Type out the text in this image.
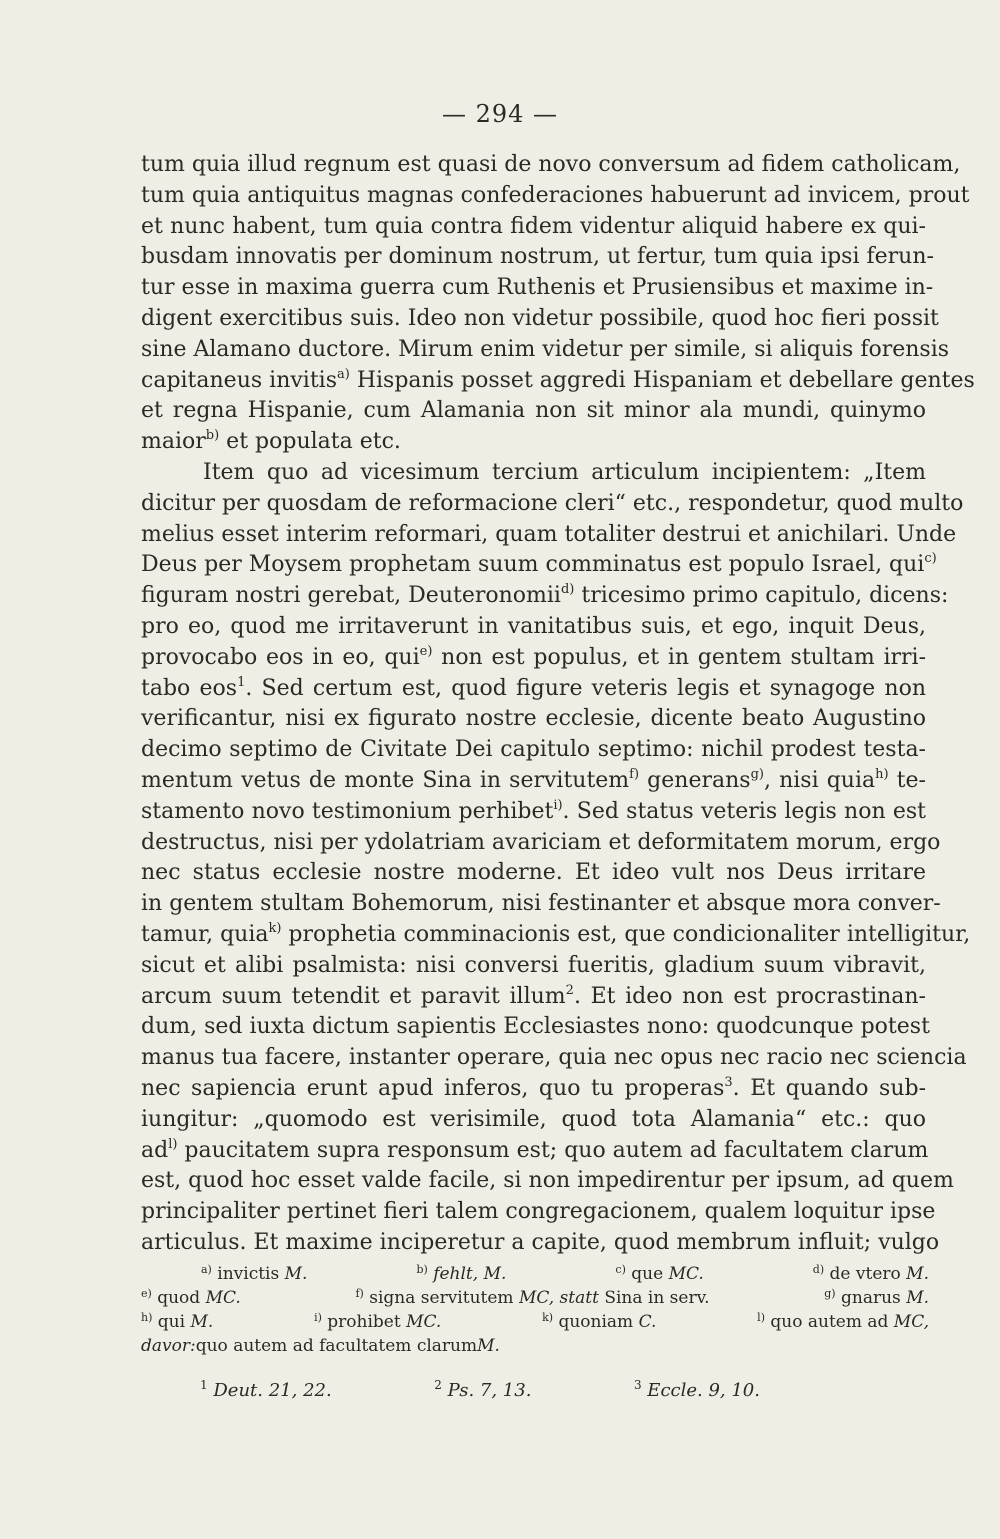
— 294 —

tum quia illud regnum est quasi de novo conversum ad fidem catholicam,
tum quia antiquitus magnas confederaciones habuerunt ad invicem, prout
et nunc habent, tum quia contra fidem videntur aliquid habere ex qui-
busdam innovatis per dominum nostrum, ut fertur, tum quia ipsi ferun-
tur esse in maxima guerra cum Ruthenis et Prusiensibus et maxime in-
digent exercitibus suis. Ideo non videtur possibile, quod hoc fieri possit
sine Alamano ductore. Mirum enim videtur per simile, si aliquis forensis
capitaneus invitis$^{a)}$ Hispanis posset aggredi Hispaniam et debellare gentes
et regna Hispanie, cum Alamania non sit minor ala mundi, quinymo
maior$^{b)}$ et populata etc.

Item quo ad vicesimum tercium articulum incipientem: „Item
dicitur per quosdam de reformacione cleri“ etc., respondetur, quod multo
melius esset interim reformari, quam totaliter destrui et anichilari. Unde
Deus per Moysem prophetam suum comminatus est populo Israel, qui$^{c)}$
figuram nostri gerebat, Deuteronomii$^{d)}$ tricesimo primo capitulo, dicens:
pro eo, quod me irritaverunt in vanitatibus suis, et ego, inquit Deus,
provocabo eos in eo, qui$^{e)}$ non est populus, et in gentem stultam irri-
tabo eos$^1$. Sed certum est, quod figure veteris legis et synagoge non
verificantur, nisi ex figurato nostre ecclesie, dicente beato Augustino
decimo septimo de Civitate Dei capitulo septimo: nichil prodest testa-
mentum vetus de monte Sina in servitutem$^{f)}$ generans$^{g)}$, nisi quia$^{h)}$ te-
stamento novo testimonium perhibet$^{i)}$. Sed status veteris legis non est
destructus, nisi per ydolatriam avariciam et deformitatem morum, ergo
nec status ecclesie nostre moderne. Et ideo vult nos Deus irritare
in gentem stultam Bohemorum, nisi festinanter et absque mora conver-
tamur, quia$^{k)}$ prophetia comminacionis est, que condicionaliter intelligitur,
sicut et alibi psalmista: nisi conversi fueritis, gladium suum vibravit,
arcum suum tetendit et paravit illum$^2$. Et ideo non est procrastinan-
dum, sed iuxta dictum sapientis Ecclesiastes nono: quodcunque potest
manus tua facere, instanter operare, quia nec opus nec racio nec sciencia
nec sapiencia erunt apud inferos, quo tu properas$^3$. Et quando sub-
iungitur: „quomodo est verisimile, quod tota Alamania“ etc.: quo
$ad^{l)}$ paucitatem supra responsum est; quo autem ad facultatem clarum
est, quod hoc esset valde facile, si non impedirentur per ipsum, ad quem
principaliter pertinet fieri talem congregacionem, qualem loquitur ipse
articulus. Et maxime inciperetur a capite, quod membrum influit; vulgo

$^{a)}$ invictis M.	$^{b)}$ fehlt, M.	$^{c)}$ que MC.	$^{d)}$ de vtero M.
$^{e)}$ quod MC.	$^{f)}$ signa servitutem MC, statt Sina in serv.	$^{g)}$ gnarus M.
$^{h)}$ qui M.	$^{i)}$ prohibet MC.	$^{k)}$ quoniam C.	$^{l)}$ quo autem ad MC,
davor: quo autem ad facultatem clarum M.
$^1$ Deut. 21, 22.	$^2$ Ps. 7, 13.	$^3$ Eccle. 9, 10.
